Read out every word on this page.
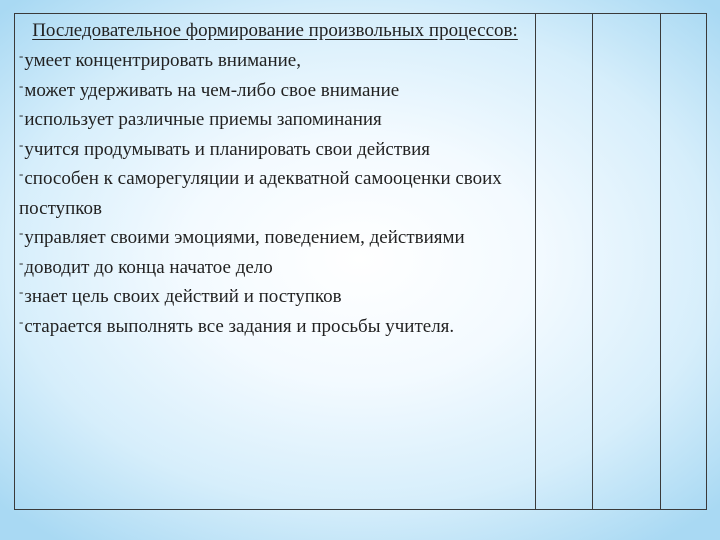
Последовательное формирование произвольных процессов:
-умеет концентрировать внимание,
-может удерживать на чем-либо свое внимание
-использует различные приемы запоминания
-учится продумывать и планировать свои действия
-способен к саморегуляции и адекватной самооценки своих поступков
-управляет своими эмоциями, поведением, действиями
-доводит до конца начатое дело
-знает цель своих действий и поступков
-старается выполнять все задания и просьбы учителя.
